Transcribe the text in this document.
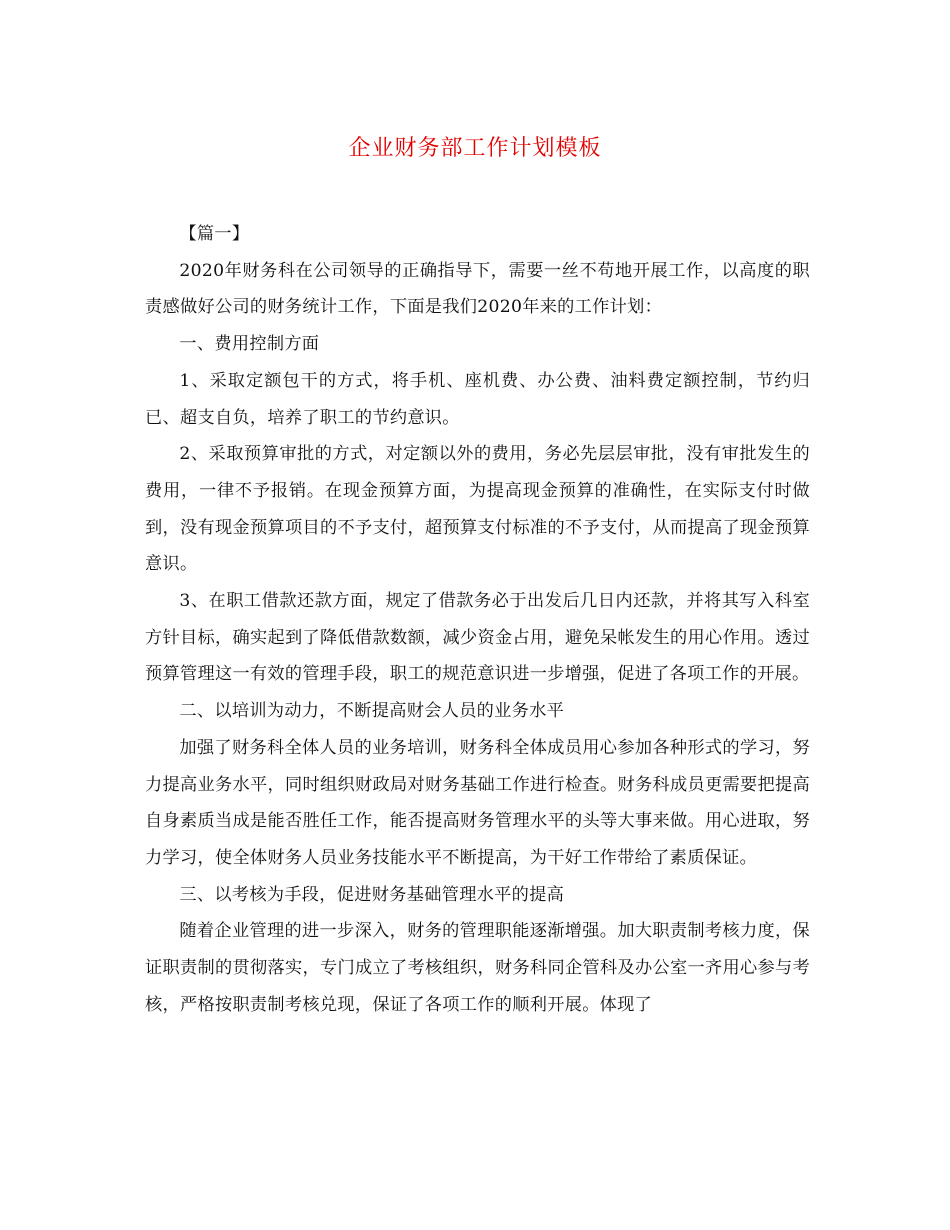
企业财务部工作计划模板

【篇一】

2020年财务科在公司领导的正确指导下，需要一丝不苟地开展工作，以高度的职责感做好公司的财务统计工作，下面是我们2020年来的工作计划：

一、费用控制方面

1、采取定额包干的方式，将手机、座机费、办公费、油料费定额控制，节约归已、超支自负，培养了职工的节约意识。

2、采取预算审批的方式，对定额以外的费用，务必先层层审批，没有审批发生的费用，一律不予报销。在现金预算方面，为提高现金预算的准确性，在实际支付时做到，没有现金预算项目的不予支付，超预算支付标准的不予支付，从而提高了现金预算意识。

3、在职工借款还款方面，规定了借款务必于出发后几日内还款，并将其写入科室方针目标，确实起到了降低借款数额，减少资金占用，避免呆帐发生的用心作用。透过预算管理这一有效的管理手段，职工的规范意识进一步增强，促进了各项工作的开展。

二、以培训为动力，不断提高财会人员的业务水平

加强了财务科全体人员的业务培训，财务科全体成员用心参加各种形式的学习，努力提高业务水平，同时组织财政局对财务基础工作进行检查。财务科成员更需要把提高自身素质当成是能否胜任工作，能否提高财务管理水平的头等大事来做。用心进取，努力学习，使全体财务人员业务技能水平不断提高，为干好工作带给了素质保证。

三、以考核为手段，促进财务基础管理水平的提高

随着企业管理的进一步深入，财务的管理职能逐渐增强。加大职责制考核力度，保证职责制的贯彻落实，专门成立了考核组织，财务科同企管科及办公室一齐用心参与考核，严格按职责制考核兑现，保证了各项工作的顺利开展。体现了
